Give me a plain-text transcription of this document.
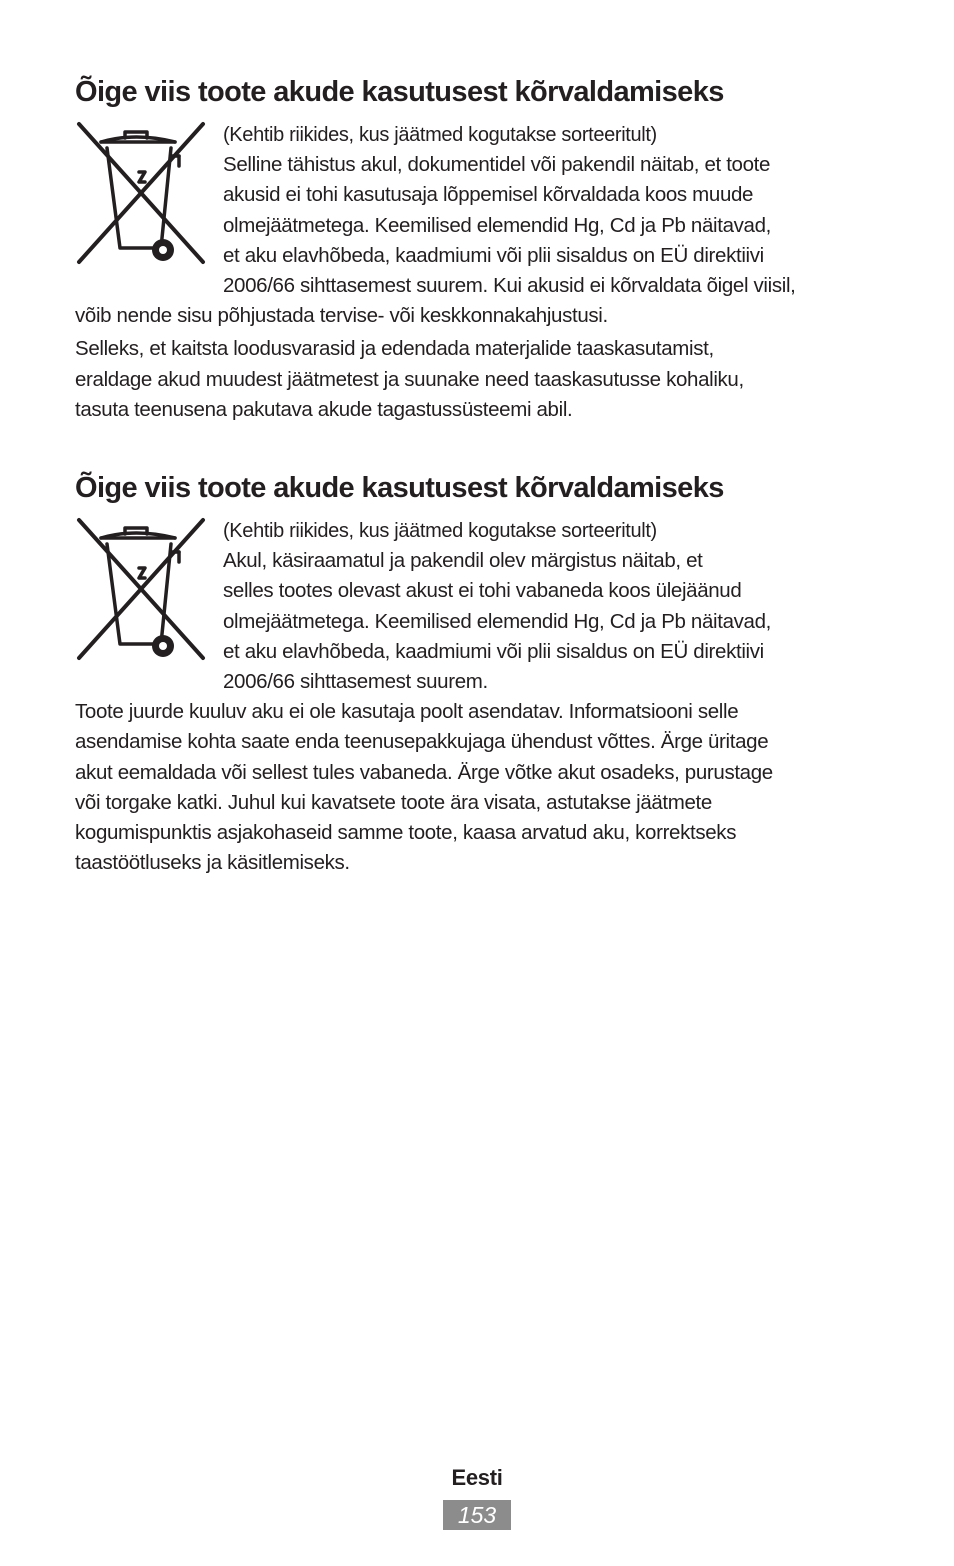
Õige viis toote akude kasutusest kõrvaldamiseks

(Kehtib riikides, kus jäätmed kogutakse sorteeritult)

Selline tähistus akul, dokumentidel või pakendil näitab, et toote

akusid ei tohi kasutusaja lõppemisel kõrvaldada koos muude

olmejäätmetega. Keemilised elemendid Hg, Cd ja Pb näitavad,

et aku elavhõbeda, kaadmiumi või plii sisaldus on EÜ direktiivi

2006/66 sihttasemest suurem. Kui akusid ei kõrvaldata õigel viisil,

võib nende sisu põhjustada tervise- või keskkonnakahjustusi.

Selleks, et kaitsta loodusvarasid ja edendada materjalide taaskasutamist,

eraldage akud muudest jäätmetest ja suunake need taaskasutusse kohaliku,

tasuta teenusena pakutava akude tagastussüsteemi abil.

Õige viis toote akude kasutusest kõrvaldamiseks

(Kehtib riikides, kus jäätmed kogutakse sorteeritult)

Akul, käsiraamatul ja pakendil olev märgistus näitab, et

selles tootes olevast akust ei tohi vabaneda koos ülejäänud

olmejäätmetega. Keemilised elemendid Hg, Cd ja Pb näitavad,

et aku elavhõbeda, kaadmiumi või plii sisaldus on EÜ direktiivi

2006/66 sihttasemest suurem.

Toote juurde kuuluv aku ei ole kasutaja poolt asendatav. Informatsiooni selle

asendamise kohta saate enda teenusepakkujaga ühendust võttes. Ärge üritage

akut eemaldada või sellest tules vabaneda. Ärge võtke akut osadeks, purustage

või torgake katki. Juhul kui kavatsete toote ära visata, astutakse jäätmete

kogumispunktis asjakohaseid samme toote, kaasa arvatud aku, korrektseks

taastöötluseks ja käsitlemiseks.

Eesti
153
